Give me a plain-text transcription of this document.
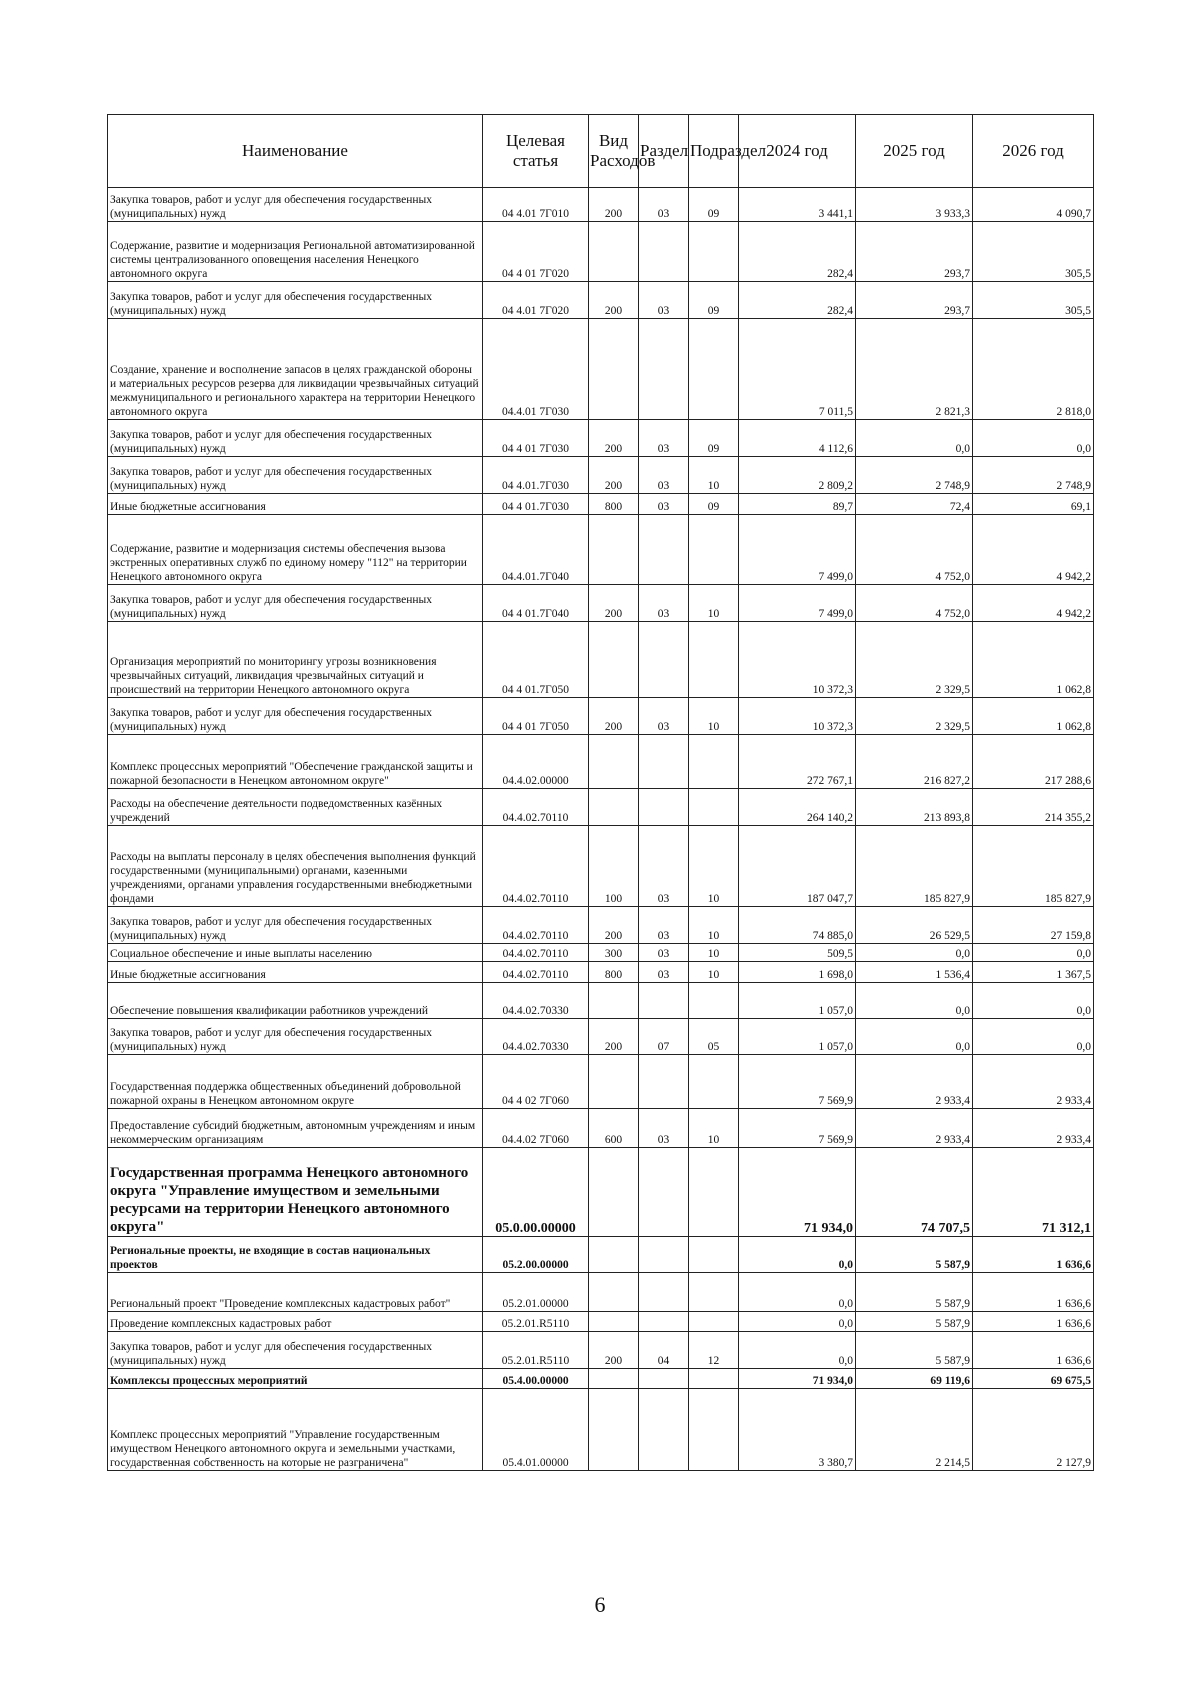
Наименование	Целевая статья	Вид Расходов	Раздел	Подраздел	2024 год	2025 год	2026 год
Закупка товаров, работ и услуг для обеспечения государственных (муниципальных) нужд	04 4.01 7Г010	200	03	09	3 441,1	3 933,3	4 090,7
Содержание, развитие и модернизация Региональной автоматизированной системы централизованного оповещения населения Ненецкого автономного округа	04 4 01 7Г020				282,4	293,7	305,5
Закупка товаров, работ и услуг для обеспечения государственных (муниципальных) нужд	04 4.01 7Г020	200	03	09	282,4	293,7	305,5
Создание, хранение и восполнение запасов в целях гражданской обороны и материальных ресурсов резерва для ликвидации чрезвычайных ситуаций межмуниципального и регионального характера на территории Ненецкого автономного округа	04.4.01 7Г030				7 011,5	2 821,3	2 818,0
Закупка товаров, работ и услуг для обеспечения государственных (муниципальных) нужд	04 4 01 7Г030	200	03	09	4 112,6	0,0	0,0
Закупка товаров, работ и услуг для обеспечения государственных (муниципальных) нужд	04 4.01.7Г030	200	03	10	2 809,2	2 748,9	2 748,9
Иные бюджетные ассигнования	04 4 01.7Г030	800	03	09	89,7	72,4	69,1
Содержание, развитие и модернизация системы обеспечения вызова экстренных оперативных служб по единому номеру "112" на территории Ненецкого автономного округа	04.4.01.7Г040				7 499,0	4 752,0	4 942,2
Закупка товаров, работ и услуг для обеспечения государственных (муниципальных) нужд	04 4 01.7Г040	200	03	10	7 499,0	4 752,0	4 942,2
Организация мероприятий по мониторингу угрозы возникновения чрезвычайных ситуаций, ликвидация чрезвычайных ситуаций и происшествий на территории Ненецкого автономного округа	04 4 01.7Г050				10 372,3	2 329,5	1 062,8
Закупка товаров, работ и услуг для обеспечения государственных (муниципальных) нужд	04 4 01 7Г050	200	03	10	10 372,3	2 329,5	1 062,8
Комплекс процессных мероприятий "Обеспечение гражданской защиты и пожарной безопасности в Ненецком автономном округе"	04.4.02.00000				272 767,1	216 827,2	217 288,6
Расходы на обеспечение деятельности подведомственных казённых учреждений	04.4.02.70110				264 140,2	213 893,8	214 355,2
Расходы на выплаты персоналу в целях обеспечения выполнения функций государственными (муниципальными) органами, казенными учреждениями, органами управления государственными внебюджетными фондами	04.4.02.70110	100	03	10	187 047,7	185 827,9	185 827,9
Закупка товаров, работ и услуг для обеспечения государственных (муниципальных) нужд	04.4.02.70110	200	03	10	74 885,0	26 529,5	27 159,8
Социальное обеспечение и иные выплаты населению	04.4.02.70110	300	03	10	509,5	0,0	0,0
Иные бюджетные ассигнования	04.4.02.70110	800	03	10	1 698,0	1 536,4	1 367,5
Обеспечение повышения квалификации работников учреждений	04.4.02.70330				1 057,0	0,0	0,0
Закупка товаров, работ и услуг для обеспечения государственных (муниципальных) нужд	04.4.02.70330	200	07	05	1 057,0	0,0	0,0
Государственная поддержка общественных объединений добровольной пожарной охраны в Ненецком автономном округе	04 4 02 7Г060				7 569,9	2 933,4	2 933,4
Предоставление субсидий бюджетным, автономным учреждениям и иным некоммерческим организациям	04.4.02 7Г060	600	03	10	7 569,9	2 933,4	2 933,4
Государственная программа Ненецкого автономного округа "Управление имуществом и земельными ресурсами на территории Ненецкого автономного округа"	05.0.00.00000				71 934,0	74 707,5	71 312,1
Региональные проекты, не входящие в состав национальных проектов	05.2.00.00000				0,0	5 587,9	1 636,6
Региональный проект "Проведение комплексных кадастровых работ"	05.2.01.00000				0,0	5 587,9	1 636,6
Проведение комплексных кадастровых работ	05.2.01.R5110				0,0	5 587,9	1 636,6
Закупка товаров, работ и услуг для обеспечения государственных (муниципальных) нужд	05.2.01.R5110	200	04	12	0,0	5 587,9	1 636,6
Комплексы процессных мероприятий	05.4.00.00000				71 934,0	69 119,6	69 675,5
Комплекс процессных мероприятий "Управление государственным имуществом Ненецкого автономного округа и земельными участками, государственная собственность на которые не разграничена"	05.4.01.00000				3 380,7	2 214,5	2 127,9
6
